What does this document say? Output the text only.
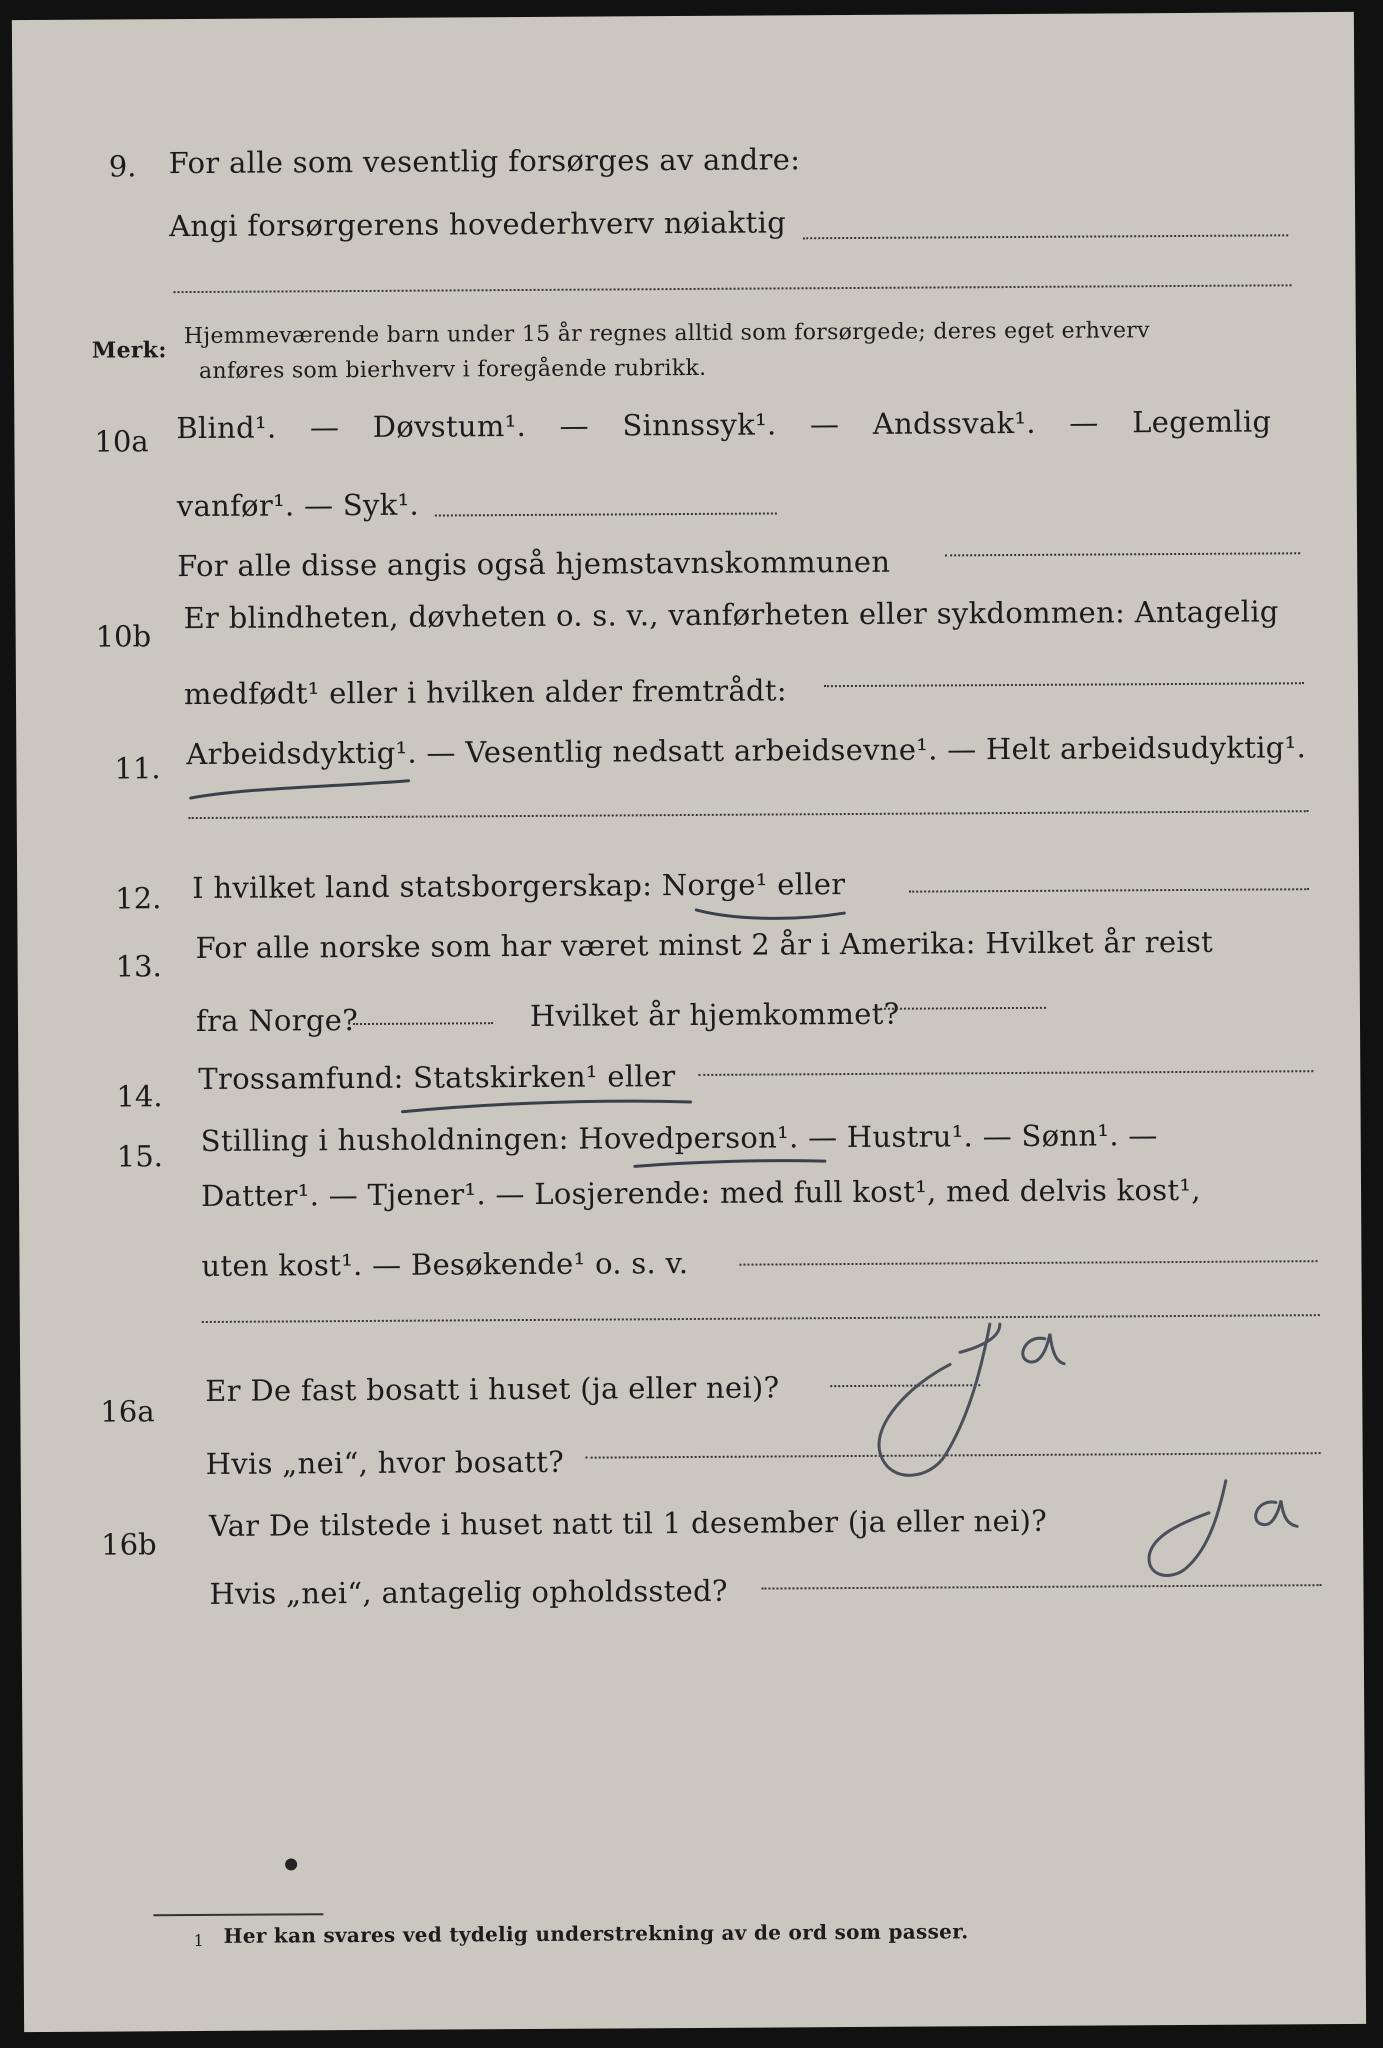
9. For alle som vesentlig forsørges av andre:
Angi forsørgerens hovederhverv nøiaktig
Merk:
Hjemmeværende barn under 15 år regnes alltid som forsørgede; deres eget erhverv
anføres som bierhverv i foregående rubrikk.
10a Blind¹. — Døvstum¹. — Sinnssyk¹. — Andssvak¹. — Legemlig
vanfør¹. — Syk¹.
For alle disse angis også hjemstavnskommunen
10b
Er blindheten, døvheten o. s. v., vanførheten eller sykdommen: Antagelig
medfødt¹ eller i hvilken alder fremtrådt:
11. Arbeidsdyktig¹. — Vesentlig nedsatt arbeidsevne¹. — Helt arbeidsudyktig¹.
12. I hvilket land statsborgerskap: Norge¹ eller
13.
For alle norske som har været minst 2 år i Amerika: Hvilket år reist
fra Norge?	Hvilket år hjemkommet?
14.
Trossamfund: Statskirken¹ eller
15. Stilling i husholdningen: Hovedperson¹. — Hustru¹. — Sønn¹. —
Datter¹. — Tjener¹. — Losjerende: med full kost¹, med delvis kost¹,
uten kost¹. — Besøkende¹ o. s. v.
16a
Er De fast bosatt i huset (ja eller nei)?
Hvis „nei“, hvor bosatt?
16b
Var De tilstede i huset natt til 1 desember (ja eller nei)?
Hvis „nei“, antagelig opholdssted?
1 Her kan svares ved tydelig understrekning av de ord som passer.
